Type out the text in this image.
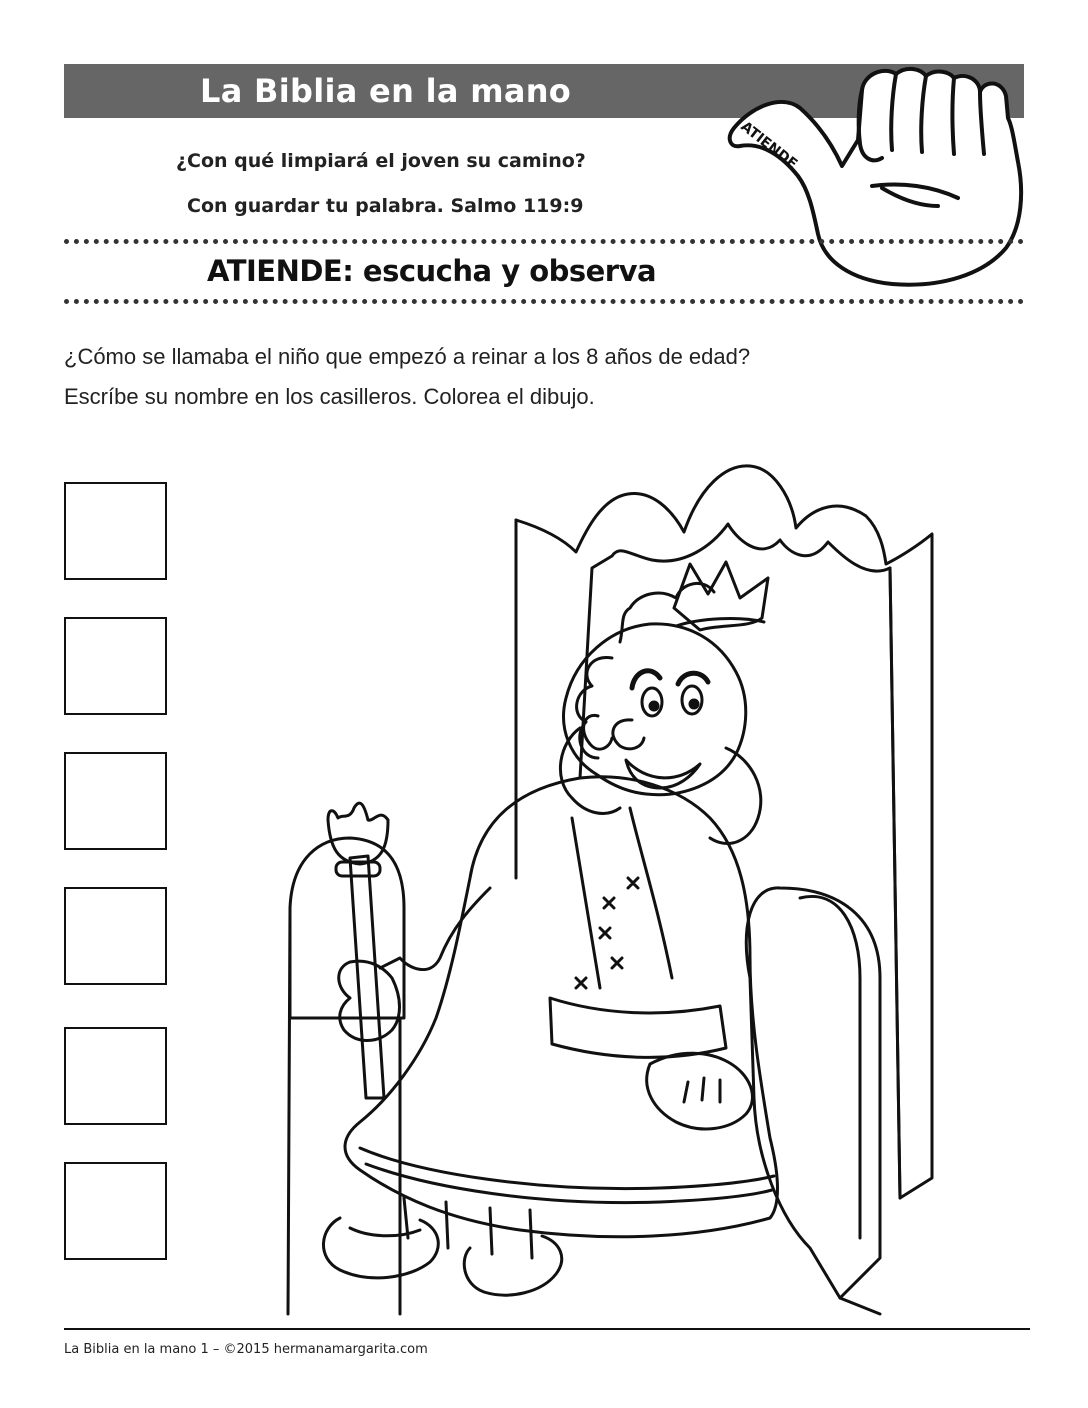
La Biblia en la mano
¿Con qué limpiará el joven su camino?
Con guardar tu palabra. Salmo 119:9
ATIENDE
ATIENDE: escucha y observa
¿Cómo se llamaba el niño que empezó a reinar a los 8 años de edad?
Escríbe su nombre en los casilleros. Colorea el dibujo.
La Biblia en la mano 1 – ©2015 hermanamargarita.com
